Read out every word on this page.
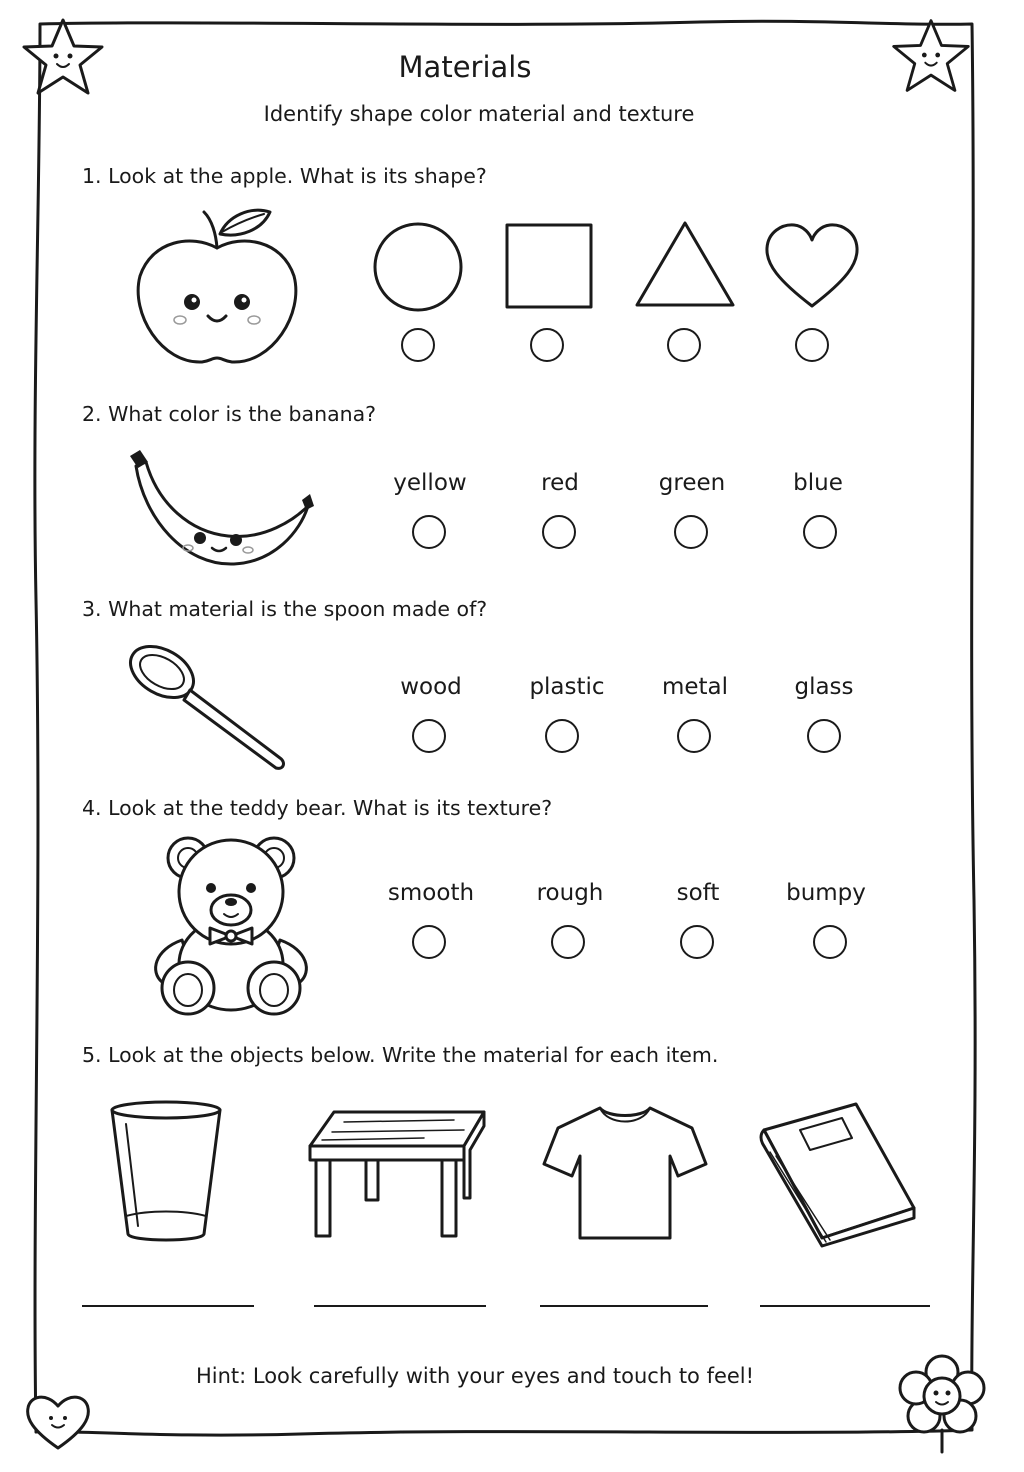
Materials
Identify shape color material and texture
1. Look at the apple. What is its shape?
2. What color is the banana?
yellow	red	green	blue
3. What material is the spoon made of?
wood	plastic	metal	glass
4. Look at the teddy bear. What is its texture?
smooth	rough	soft	bumpy
5. Look at the objects below. Write the material for each item.
Hint: Look carefully with your eyes and touch to feel!
